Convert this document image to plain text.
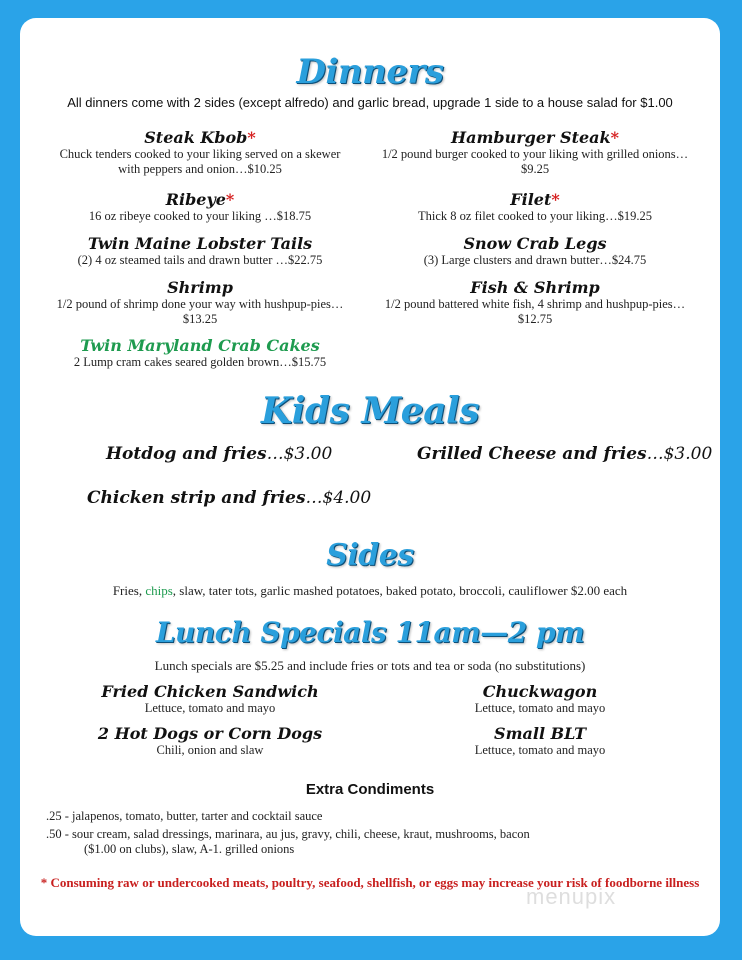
Dinners
All dinners come with 2 sides (except alfredo) and garlic bread, upgrade 1 side to a house salad for $1.00
Steak Kbob*
Chuck tenders cooked to your liking served on a skewer with peppers and onion…$10.25
Hamburger Steak*
1/2 pound burger cooked to your liking with grilled onions…$9.25
Ribeye*
16 oz ribeye cooked to your liking …$18.75
Filet*
Thick 8 oz filet cooked to your liking…$19.25
Twin Maine Lobster Tails
(2) 4 oz steamed tails and drawn butter …$22.75
Snow Crab Legs
(3) Large clusters and drawn butter…$24.75
Shrimp
1/2 pound of shrimp done your way with hushpup-pies…$13.25
Fish & Shrimp
1/2 pound battered white fish, 4 shrimp and hushpup-pies…$12.75
Twin Maryland Crab Cakes
2 Lump cram cakes seared golden brown…$15.75
Kids Meals
Hotdog and fries…$3.00	Grilled Cheese and fries…$3.00
Chicken strip and fries…$4.00
Sides
Fries, chips, slaw, tater tots, garlic mashed potatoes, baked potato, broccoli, cauliflower $2.00 each
Lunch Specials 11am—2 pm
Lunch specials are $5.25 and include fries or tots and tea or soda (no substitutions)
Fried Chicken Sandwich
Lettuce, tomato and mayo
Chuckwagon
Lettuce, tomato and mayo
2 Hot Dogs or Corn Dogs
Chili, onion and slaw
Small BLT
Lettuce, tomato and mayo
Extra Condiments
.25 - jalapenos, tomato, butter, tarter and cocktail sauce
.50 - sour cream, salad dressings, marinara, au jus, gravy, chili, cheese, kraut, mushrooms, bacon
($1.00 on clubs), slaw, A-1. grilled onions
* Consuming raw or undercooked meats, poultry, seafood, shellfish, or eggs may increase your risk of foodborne illness
menupix
